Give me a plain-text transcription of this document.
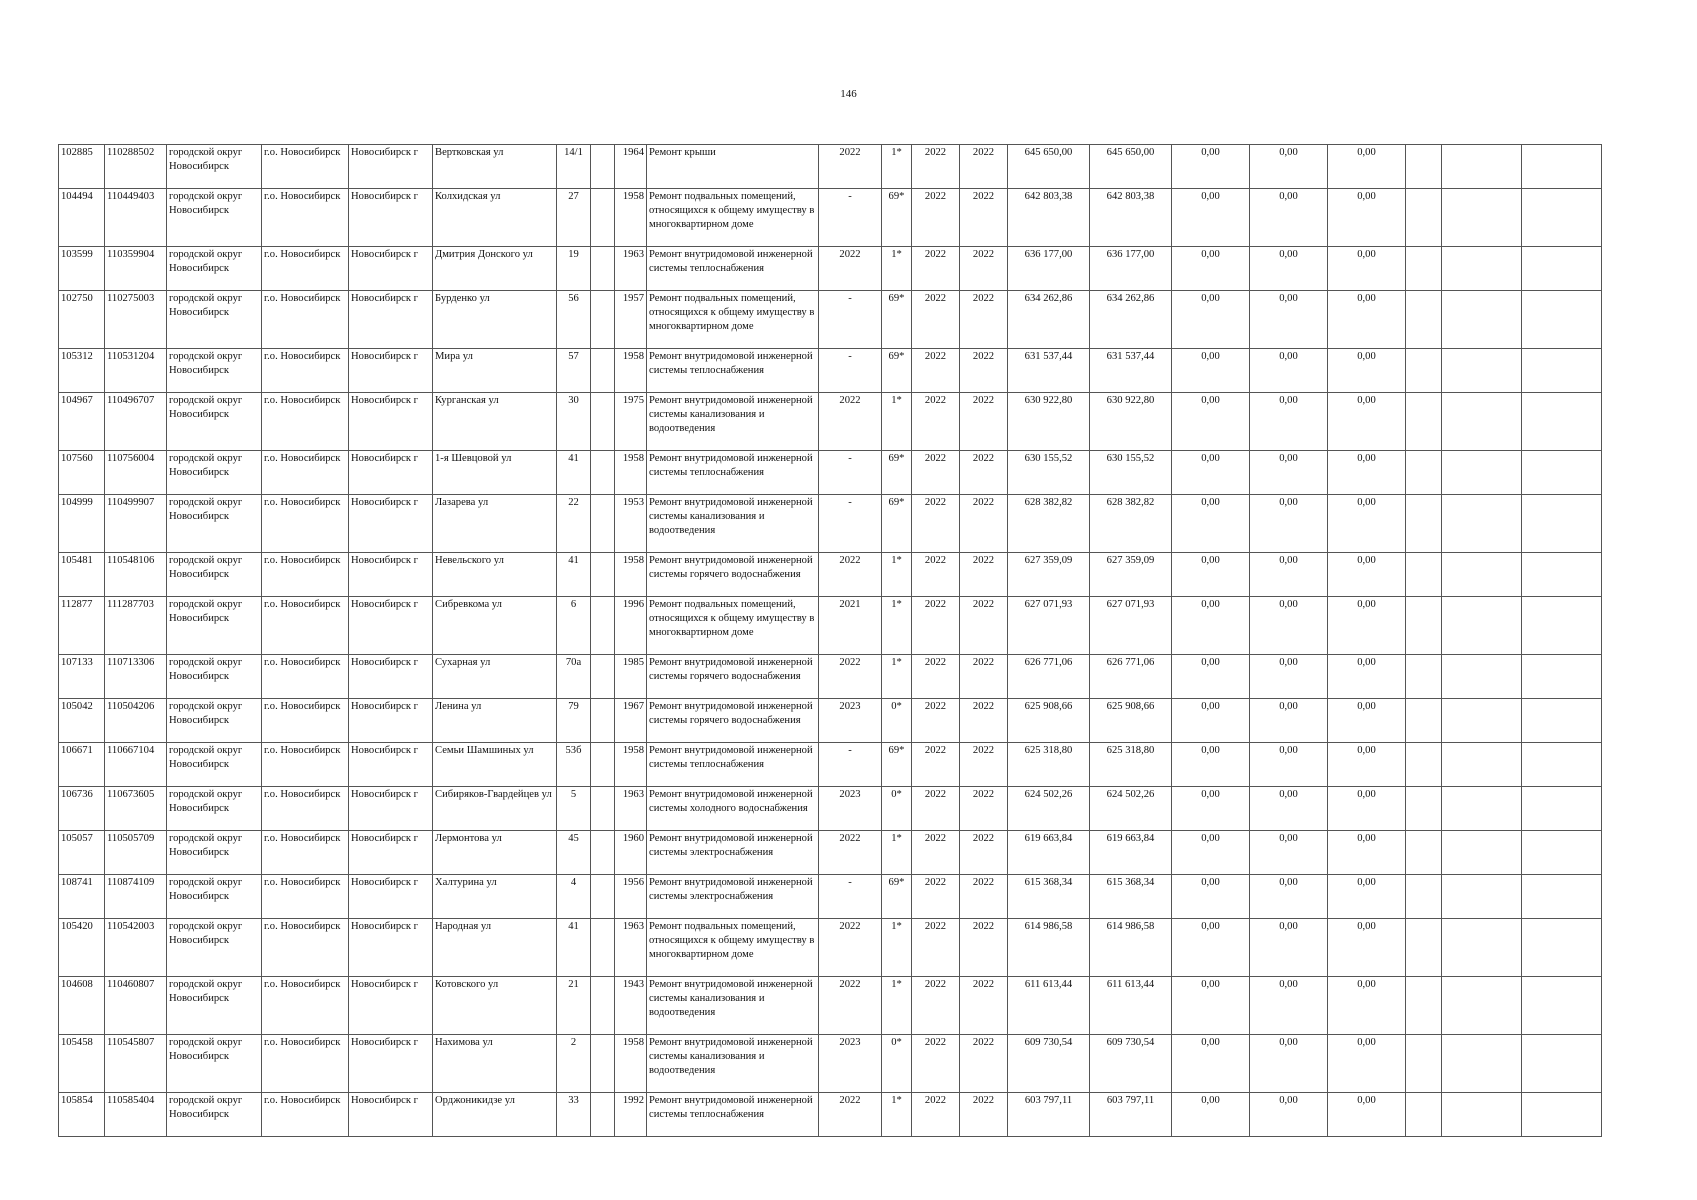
146
102885	110288502	городской округ Новосибирск	г.о. Новосибирск	Новосибирск г	Вертковская ул	14/1		1964	Ремонт крыши	2022	1*	2022	2022	645 650,00	645 650,00	0,00	0,00	0,00			
104494	110449403	городской округ Новосибирск	г.о. Новосибирск	Новосибирск г	Колхидская ул	27		1958	Ремонт подвальных помещений, относящихся к общему имуществу в многоквартирном доме	-	69*	2022	2022	642 803,38	642 803,38	0,00	0,00	0,00			
103599	110359904	городской округ Новосибирск	г.о. Новосибирск	Новосибирск г	Дмитрия Донского ул	19		1963	Ремонт внутридомовой инженерной системы теплоснабжения	2022	1*	2022	2022	636 177,00	636 177,00	0,00	0,00	0,00			
102750	110275003	городской округ Новосибирск	г.о. Новосибирск	Новосибирск г	Бурденко ул	56		1957	Ремонт подвальных помещений, относящихся к общему имуществу в многоквартирном доме	-	69*	2022	2022	634 262,86	634 262,86	0,00	0,00	0,00			
105312	110531204	городской округ Новосибирск	г.о. Новосибирск	Новосибирск г	Мира ул	57		1958	Ремонт внутридомовой инженерной системы теплоснабжения	-	69*	2022	2022	631 537,44	631 537,44	0,00	0,00	0,00			
104967	110496707	городской округ Новосибирск	г.о. Новосибирск	Новосибирск г	Курганская ул	30		1975	Ремонт внутридомовой инженерной системы канализования и водоотведения	2022	1*	2022	2022	630 922,80	630 922,80	0,00	0,00	0,00			
107560	110756004	городской округ Новосибирск	г.о. Новосибирск	Новосибирск г	1-я Шевцовой ул	41		1958	Ремонт внутридомовой инженерной системы теплоснабжения	-	69*	2022	2022	630 155,52	630 155,52	0,00	0,00	0,00			
104999	110499907	городской округ Новосибирск	г.о. Новосибирск	Новосибирск г	Лазарева ул	22		1953	Ремонт внутридомовой инженерной системы канализования и водоотведения	-	69*	2022	2022	628 382,82	628 382,82	0,00	0,00	0,00			
105481	110548106	городской округ Новосибирск	г.о. Новосибирск	Новосибирск г	Невельского ул	41		1958	Ремонт внутридомовой инженерной системы горячего водоснабжения	2022	1*	2022	2022	627 359,09	627 359,09	0,00	0,00	0,00			
112877	111287703	городской округ Новосибирск	г.о. Новосибирск	Новосибирск г	Сибревкома ул	6		1996	Ремонт подвальных помещений, относящихся к общему имуществу в многоквартирном доме	2021	1*	2022	2022	627 071,93	627 071,93	0,00	0,00	0,00			
107133	110713306	городской округ Новосибирск	г.о. Новосибирск	Новосибирск г	Сухарная ул	70а		1985	Ремонт внутридомовой инженерной системы горячего водоснабжения	2022	1*	2022	2022	626 771,06	626 771,06	0,00	0,00	0,00			
105042	110504206	городской округ Новосибирск	г.о. Новосибирск	Новосибирск г	Ленина ул	79		1967	Ремонт внутридомовой инженерной системы горячего водоснабжения	2023	0*	2022	2022	625 908,66	625 908,66	0,00	0,00	0,00			
106671	110667104	городской округ Новосибирск	г.о. Новосибирск	Новосибирск г	Семьи Шамшиных ул	53б		1958	Ремонт внутридомовой инженерной системы теплоснабжения	-	69*	2022	2022	625 318,80	625 318,80	0,00	0,00	0,00			
106736	110673605	городской округ Новосибирск	г.о. Новосибирск	Новосибирск г	Сибиряков-Гвардейцев ул	5		1963	Ремонт внутридомовой инженерной системы холодного водоснабжения	2023	0*	2022	2022	624 502,26	624 502,26	0,00	0,00	0,00			
105057	110505709	городской округ Новосибирск	г.о. Новосибирск	Новосибирск г	Лермонтова ул	45		1960	Ремонт внутридомовой инженерной системы электроснабжения	2022	1*	2022	2022	619 663,84	619 663,84	0,00	0,00	0,00			
108741	110874109	городской округ Новосибирск	г.о. Новосибирск	Новосибирск г	Халтурина ул	4		1956	Ремонт внутридомовой инженерной системы электроснабжения	-	69*	2022	2022	615 368,34	615 368,34	0,00	0,00	0,00			
105420	110542003	городской округ Новосибирск	г.о. Новосибирск	Новосибирск г	Народная ул	41		1963	Ремонт подвальных помещений, относящихся к общему имуществу в многоквартирном доме	2022	1*	2022	2022	614 986,58	614 986,58	0,00	0,00	0,00			
104608	110460807	городской округ Новосибирск	г.о. Новосибирск	Новосибирск г	Котовского ул	21		1943	Ремонт внутридомовой инженерной системы канализования и водоотведения	2022	1*	2022	2022	611 613,44	611 613,44	0,00	0,00	0,00			
105458	110545807	городской округ Новосибирск	г.о. Новосибирск	Новосибирск г	Нахимова ул	2		1958	Ремонт внутридомовой инженерной системы канализования и водоотведения	2023	0*	2022	2022	609 730,54	609 730,54	0,00	0,00	0,00			
105854	110585404	городской округ Новосибирск	г.о. Новосибирск	Новосибирск г	Орджоникидзе ул	33		1992	Ремонт внутридомовой инженерной системы теплоснабжения	2022	1*	2022	2022	603 797,11	603 797,11	0,00	0,00	0,00			
